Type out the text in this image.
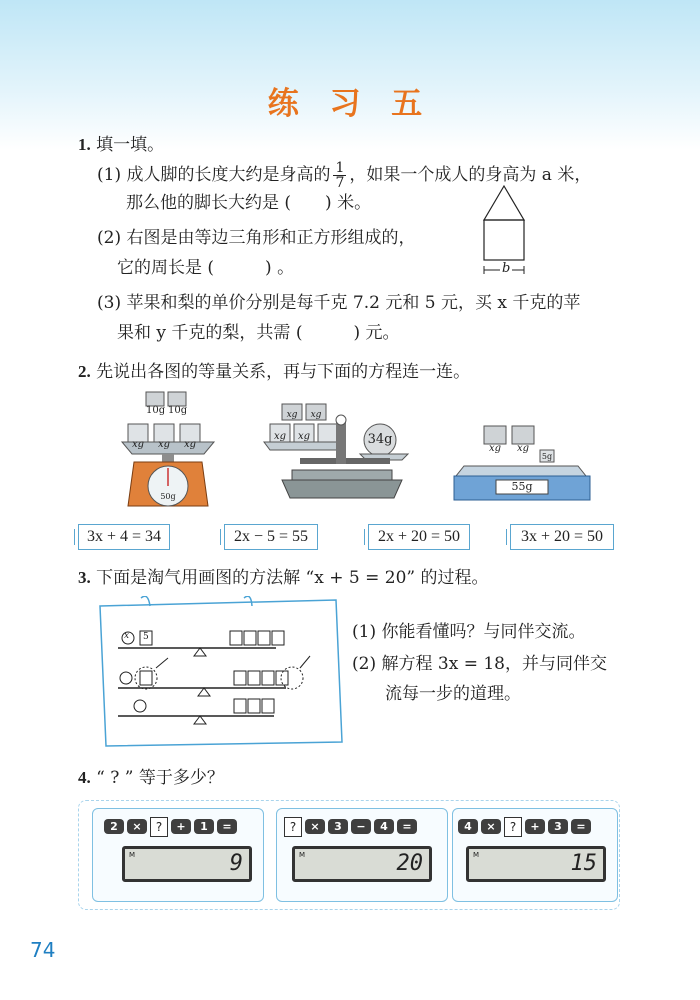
练 习 五
1. 填一填。
(1) 成人脚的长度大约是身高的 $\frac{1}{7}$ ，如果一个成人的身高为 a 米，
那么他的脚长大约是 (　　) 米。
(2) 右图是由等边三角形和正方形组成的，
它的周长是 (　　　) 。	b
(3) 苹果和梨的单价分别是每千克 7.2 元和 5 元，买 x 千克的苹
果和 y 千克的梨，共需 (　　　) 元。
2. 先说出各图的等量关系，再与下面的方程连一连。
10g 10g
xg	xg	xg
50g
xg	xg
xg	xg	34g
xg	xg
5g
55g
3x + 4 = 34	2x − 5 = 55	2x + 20 = 50	3x + 20 = 50
3. 下面是淘气用画图的方法解 “x + 5 = 20” 的过程。
x 5	(1) 你能看懂吗？与同伴交流。
(2) 解方程 3x = 18，并与同伴交
流每一步的道理。
4. “ ? ” 等于多少？
2 × ? + 1 =
M	9
? × 3 − 4 =
M	20
4 × ? + 3 =
M	15
74
